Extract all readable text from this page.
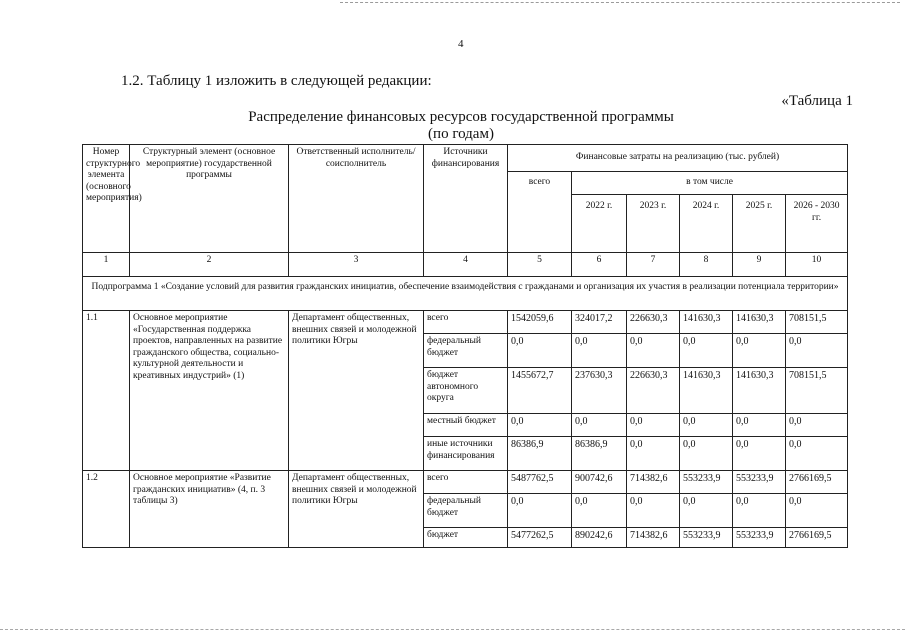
4
1.2. Таблицу 1 изложить в следующей редакции:
«Таблица 1
Распределение финансовых ресурсов государственной программы
(по годам)
Номер структурного элемента (основного мероприятия)	Структурный элемент (основное мероприятие) государственной программы	Ответственный исполнитель/соисполнитель	Источники финансирования	Финансовые затраты на реализацию (тыс. рублей)					
				всего	в том числе				
					2022 г.	2023 г.	2024 г.	2025 г.	2026 - 2030 гг.
1	2	3	4	5	6	7	8	9	10
Подпрограмма 1 «Создание условий для развития гражданских инициатив, обеспечение взаимодействия с гражданами и организация их участия в реализации потенциала территории»									
1.1	Основное мероприятие «Государственная поддержка проектов, направленных на развитие гражданского общества, социально-культурной деятельности и креативных индустрий» (1)	Департамент общественных, внешних связей и молодежной политики Югры	всего	1542059,6	324017,2	226630,3	141630,3	141630,3	708151,5
			федеральный бюджет	0,0	0,0	0,0	0,0	0,0	0,0
			бюджет автономного округа	1455672,7	237630,3	226630,3	141630,3	141630,3	708151,5
			местный бюджет	0,0	0,0	0,0	0,0	0,0	0,0
			иные источники финансирования	86386,9	86386,9	0,0	0,0	0,0	0,0
1.2	Основное мероприятие «Развитие гражданских инициатив» (4, п. 3 таблицы 3)	Департамент общественных, внешних связей и молодежной политики Югры	всего	5487762,5	900742,6	714382,6	553233,9	553233,9	2766169,5
			федеральный бюджет	0,0	0,0	0,0	0,0	0,0	0,0
			бюджет	5477262,5	890242,6	714382,6	553233,9	553233,9	2766169,5
